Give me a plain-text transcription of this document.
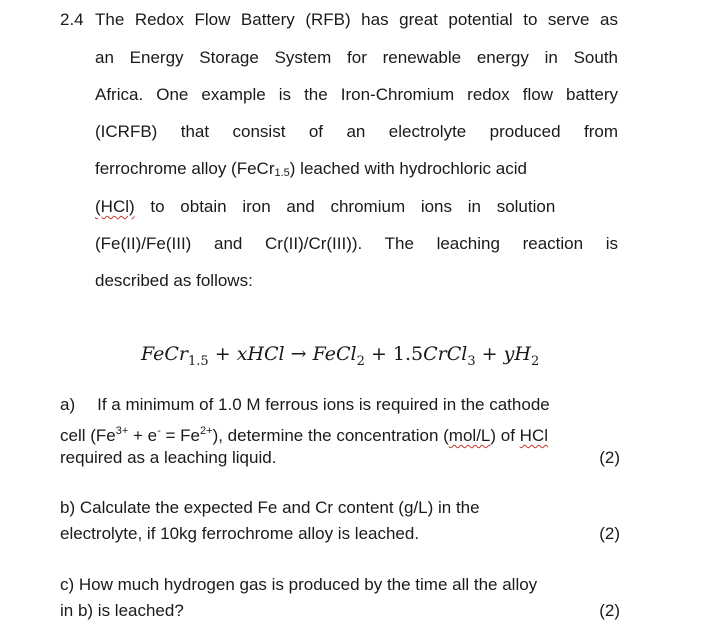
2.4 The Redox Flow Battery (RFB) has great potential to serve as
an Energy Storage System for renewable energy in South
Africa. One example is the Iron-Chromium redox flow battery
(ICRFB) that consist of an electrolyte produced from
ferrochrome alloy (FeCr1.5) leached with hydrochloric acid
(HCl) to obtain iron and chromium ions in solution
(Fe(II)/Fe(III) and Cr(II)/Cr(III)). The leaching reaction is
described as follows:
FeCr$_{1.5}$ + xHCl → FeCl$_2$ + 1.5CrCl$_3$ + $yH_2$
a) If a minimum of 1.0 M ferrous ions is required in the cathode
cell $(Fe^{3+} + e^- = Fe^{2+})$, determine the concentration (mol/L) of HCl
required as a leaching liquid.	(2)
b) Calculate the expected Fe and Cr content (g/L) in the
electrolyte, if 10kg ferrochrome alloy is leached.	(2)
c) How much hydrogen gas is produced by the time all the alloy
in b) is leached?	(2)
